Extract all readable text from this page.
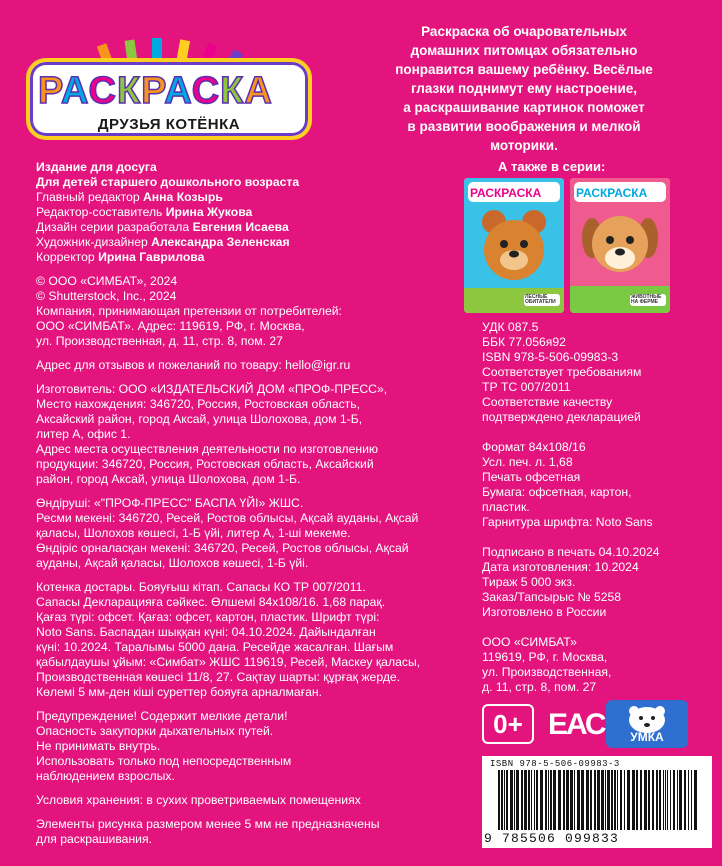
РАСКРАСКА
ДРУЗЬЯ КОТЁНКА

Издание для досуга

Для детей старшего дошкольного возраста

Главный редактор Анна Козырь

Редактор-составитель Ирина Жукова

Дизайн серии разработала Евгения Исаева

Художник-дизайнер Александра Зеленская

Корректор Ирина Гаврилова

© ООО «СИМБАТ», 2024

© Shutterstock, Inc., 2024

Компания, принимающая претензии от потребителей:

ООО «СИМБАТ». Адрес: 119619, РФ, г. Москва,

ул. Производственная, д. 11, стр. 8, пом. 27

Адрес для отзывов и пожеланий по товару: hello@igr.ru

Изготовитель: ООО «ИЗДАТЕЛЬСКИЙ ДОМ «ПРОФ-ПРЕСС»,

Место нахождения: 346720, Россия, Ростовская область,

Аксайский район, город Аксай, улица Шолохова, дом 1-Б,

литер А, офис 1.

Адрес места осуществления деятельности по изготовлению

продукции: 346720, Россия, Ростовская область, Аксайский

район, город Аксай, улица Шолохова, дом 1-Б.

Өндіруші: «"ПРОФ-ПРЕСС" БАСПА ҮЙІ» ЖШС.

Ресми мекені: 346720, Ресей, Ростов облысы, Ақсай ауданы, Ақсай

қаласы, Шолохов көшесі, 1-Б үйі, литер А, 1-ші мекеме.

Өндіріс орналасқан мекені: 346720, Ресей, Ростов облысы, Ақсай

ауданы, Ақсай қаласы, Шолохов көшесі, 1-Б үйі.

Котенка достары. Бояуғыш кітап. Сапасы КО ТР 007/2011.

Сапасы Декларацияға сәйкес. Өлшемі 84х108/16. 1,68 парақ.

Қағаз түрі: офсет. Қағаз: офсет, картон, пластик. Шрифт түрі:

Noto Sans. Баспадан шыққан күні: 04.10.2024. Дайындалған

күні: 10.2024. Таралымы 5000 дана. Ресейде жасалған. Шағым

қабылдаушы ұйым: «Симбат» ЖШС 119619, Ресей, Маскеу қаласы,

Производственная көшесі 11/8, 27. Сақтау шарты: құрғақ жерде.

Көлемі 5 мм-ден кіші суреттер бояуға арналмаған.

Предупреждение! Содержит мелкие детали!

Опасность закупорки дыхательных путей.

Не принимать внутрь.

Использовать только под непосредственным

наблюдением взрослых.

Условия хранения: в сухих проветриваемых помещениях

Элементы рисунка размером менее 5 мм не предназначены

для раскрашивания.

Раскраска об очаровательных

домашних питомцах обязательно

понравится вашему ребёнку. Весёлые

глазки поднимут ему настроение,

а раскрашивание картинок поможет

в развитии воображения и мелкой

моторики.

А также в серии:
РАСКРАСКА
ЛЕСНЫЕ ОБИТАТЕЛИ
РАСКРАСКА
ЖИВОТНЫЕ НА ФЕРМЕ

УДК 087.5

ББК 77.056я92

ISBN 978-5-506-09983-3

Соответствует требованиям

ТР ТС 007/2011

Соответствие качеству

подтверждено декларацией

Формат 84х108/16

Усл. печ. л. 1,68

Печать офсетная

Бумага: офсетная, картон,

пластик.

Гарнитура шрифта: Noto Sans

Подписано в печать 04.10.2024

Дата изготовления: 10.2024

Тираж 5 000 экз.

Заказ/Тапсырыс № 5258

Изготовлено в России

ООО «СИМБАТ»

119619, РФ, г. Москва,

ул. Производственная,

д. 11, стр. 8, пом. 27

0+ ЕАС	УМКА
ISBN 978-5-506-09983-3
9 785506 099833
